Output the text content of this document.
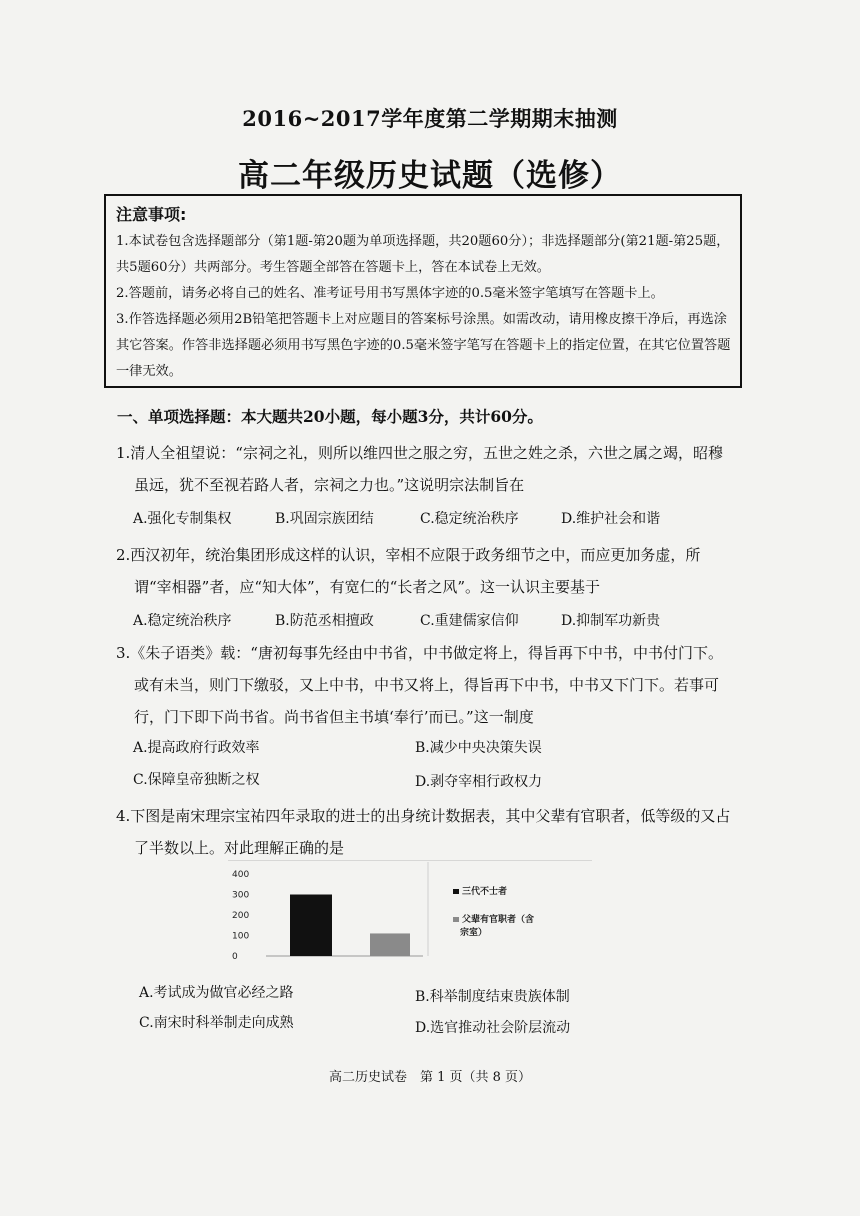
2016~2017学年度第二学期期末抽测
高二年级历史试题（选修）
注意事项:
1.本试卷包含选择题部分（第1题-第20题为单项选择题，共20题60分）；非选择题部分(第21题-第25题，共5题60分）共两部分。考生答题全部答在答题卡上，答在本试卷上无效。
2.答题前，请务必将自己的姓名、准考证号用书写黑体字迹的0.5毫米签字笔填写在答题卡上。
3.作答选择题必须用2B铅笔把答题卡上对应题目的答案标号涂黑。如需改动，请用橡皮擦干净后，再选涂其它答案。作答非选择题必须用书写黑色字迹的0.5毫米签字笔写在答题卡上的指定位置，在其它位置答题一律无效。
一、单项选择题：本大题共20小题，每小题3分，共计60分。
1.清人全祖望说：“宗祠之礼，则所以维四世之服之穷，五世之姓之杀，六世之属之竭，昭穆虽远，犹不至视若路人者，宗祠之力也。”这说明宗法制旨在
A.强化专制集权	B.巩固宗族团结	C.稳定统治秩序	D.维护社会和谐
2.西汉初年，统治集团形成这样的认识，宰相不应限于政务细节之中，而应更加务虚，所谓“宰相器”者，应“知大体”，有宽仁的“长者之风”。这一认识主要基于
A.稳定统治秩序	B.防范丞相擅政	C.重建儒家信仰	D.抑制军功新贵
3.《朱子语类》载：“唐初每事先经由中书省，中书做定将上，得旨再下中书，中书付门下。或有未当，则门下缴驳，又上中书，中书又将上，得旨再下中书，中书又下门下。若事可行，门下即下尚书省。尚书省但主书填‘奉行’而已。”这一制度
A.提高政府行政效率	B.减少中央决策失误
C.保障皇帝独断之权	D.剥夺宰相行政权力
4.下图是南宋理宗宝祐四年录取的进士的出身统计数据表，其中父辈有官职者，低等级的又占了半数以上。对此理解正确的是
400
300
200
100
0
三代不士者
父辈有官职者（含
宗室）
A.考试成为做官必经之路	B.科举制度结束贵族体制
C.南宋时科举制走向成熟	D.选官推动社会阶层流动
高二历史试卷　第 1 页（共 8 页）
